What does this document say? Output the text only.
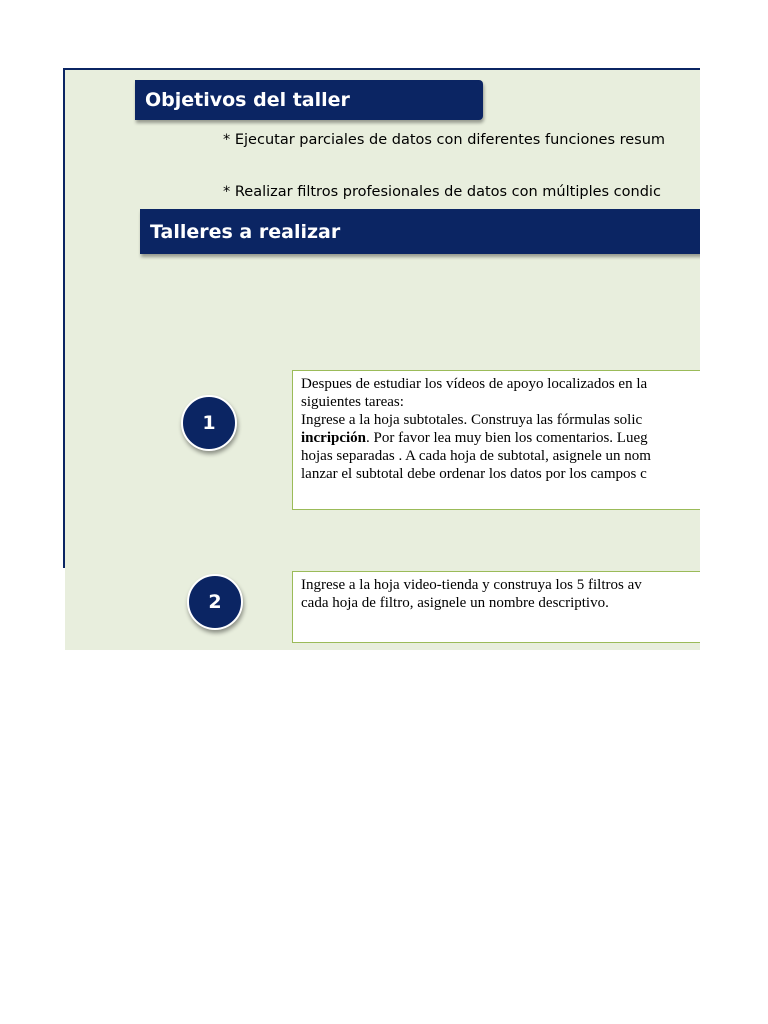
Objetivos del taller
* Ejecutar parciales de datos con diferentes funciones resum
* Realizar filtros profesionales de datos con múltiples condic
Talleres a realizar
1
Despues de estudiar los vídeos de apoyo localizados en la
siguientes tareas:
Ingrese a la hoja subtotales. Construya las fórmulas solic
incripción. Por favor lea muy bien los comentarios. Lueg
hojas separadas . A cada hoja de subtotal, asignele un nom
lanzar el subtotal debe ordenar los datos por los campos c
2
Ingrese a la hoja video-tienda y construya los 5 filtros av
cada hoja de filtro, asignele un nombre descriptivo.
